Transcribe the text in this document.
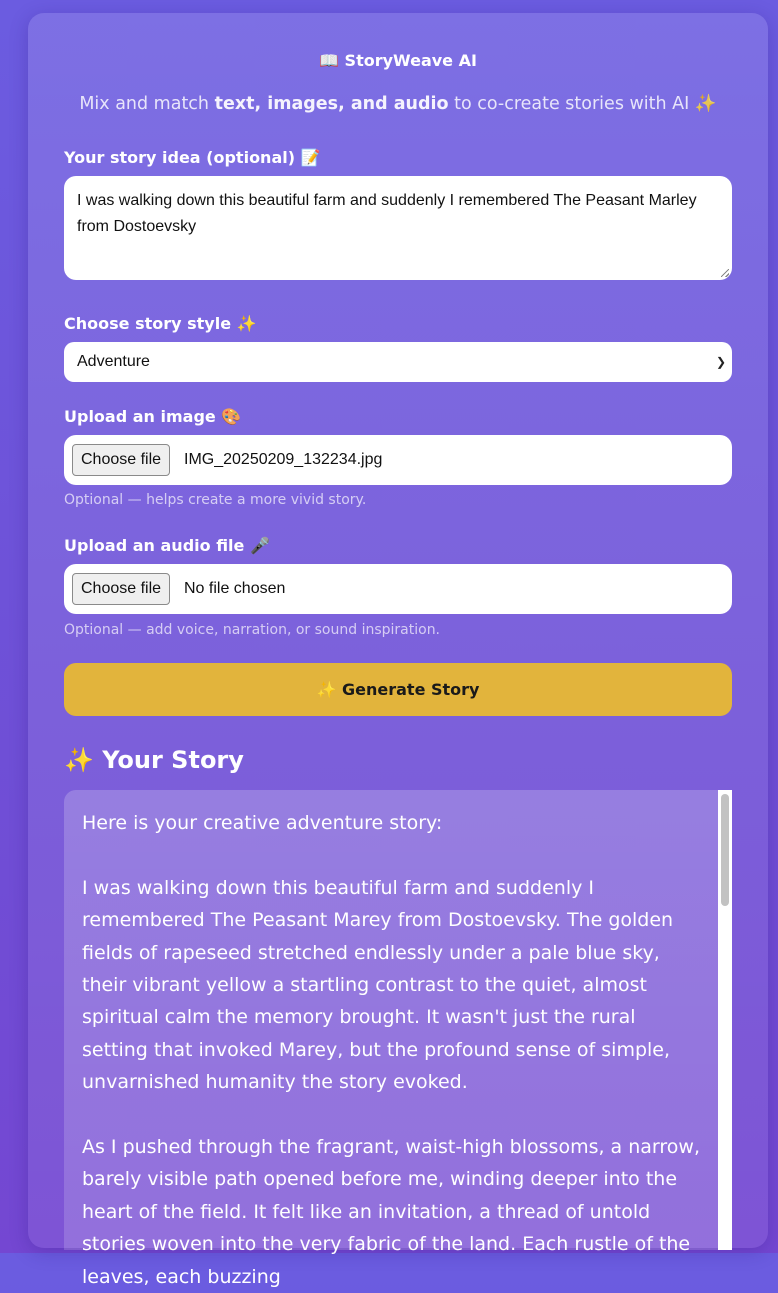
📖 StoryWeave AI
Mix and match text, images, and audio to co-create stories with AI ✨
Your story idea (optional) 📝
I was walking down this beautiful farm and suddenly I remembered The Peasant Marley from Dostoevsky
Choose story style ✨
Adventure	❯
Upload an image 🎨
Choose file	IMG_20250209_132234.jpg
Optional — helps create a more vivid story.
Upload an audio file 🎤
Choose file	No file chosen
Optional — add voice, narration, or sound inspiration.
✨ Generate Story
✨ Your Story
Here is your creative adventure story:

I was walking down this beautiful farm and suddenly I remembered The Peasant Marey from Dostoevsky. The golden fields of rapeseed stretched endlessly under a pale blue sky, their vibrant yellow a startling contrast to the quiet, almost spiritual calm the memory brought. It wasn't just the rural setting that invoked Marey, but the profound sense of simple, unvarnished humanity the story evoked.

As I pushed through the fragrant, waist-high blossoms, a narrow, barely visible path opened before me, winding deeper into the heart of the field. It felt like an invitation, a thread of untold stories woven into the very fabric of the land. Each rustle of the leaves, each buzzing
